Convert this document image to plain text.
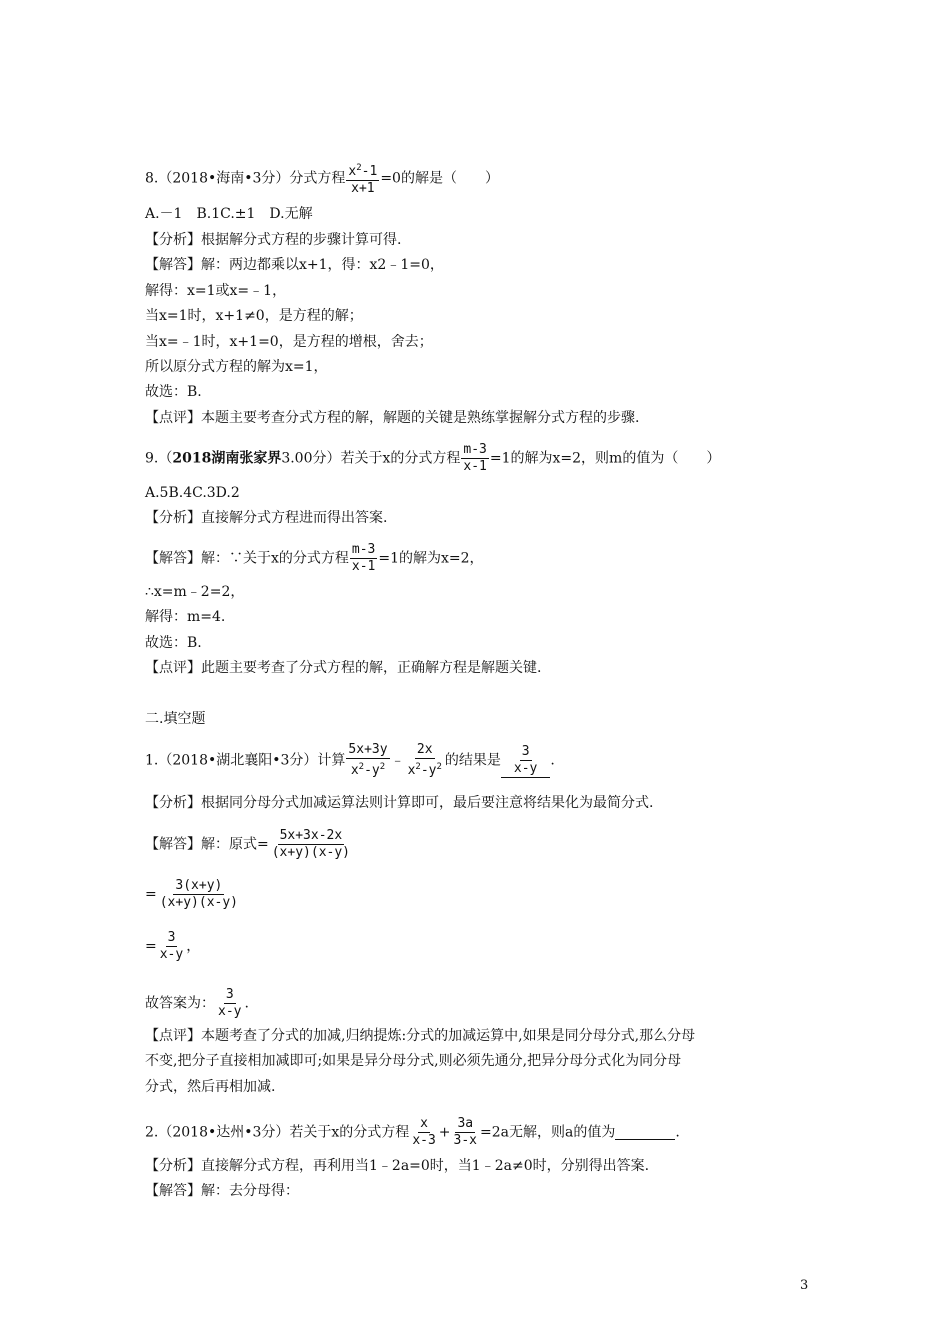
8.（2018•海南•3分）分式方程 $\frac{x^2-1}{x+1} =0$的解是（　　）
A.－1　B.1C.±1　D.无解
【分析】根据解分式方程的步骤计算可得.
【解答】解：两边都乘以x+1，得：x2﹣1=0，
解得：x=1或x=﹣1，
当x=1时，x+1≠0，是方程的解；
当x=﹣1时，x+1=0，是方程的增根，舍去；
所以原分式方程的解为x=1，
故选：B.
【点评】本题主要考查分式方程的解，解题的关键是熟练掌握解分式方程的步骤.
9.（2018湖南张家界3.00分）若关于x的分式方程 $\frac{m-3}{x-1} =1$的解为x=2，则m的值为（　　）
A.5B.4C.3D.2
【分析】直接解分式方程进而得出答案.
【解答】解：∵关于x的分式方程 $\frac{m-3}{x-1} =1$的解为x=2，
∴x=m﹣2=2，
解得：m=4.
故选：B.
【点评】此题主要考查了分式方程的解，正确解方程是解题关键.
二.填空题
1.（2018•湖北襄阳•3分）计算 $\frac{5x+3y}{x^2-y^2}$ ﹣ $\frac{2x}{x^2-y^2}$ 的结果是 $\frac{3}{x-y}$ .
【分析】根据同分母分式加减运算法则计算即可，最后要注意将结果化为最简分式.
【解答】解：原式= $\frac{5x+3x-2x}{(x+y)(x-y)}$
= $\frac{3(x+y)}{(x+y)(x-y)}$
= $\frac{3}{x-y}$ ，
故答案为： $\frac{3}{x-y}$ .
【点评】本题考查了分式的加减,归纳提炼:分式的加减运算中,如果是同分母分式,那么分母
不变,把分子直接相加减即可;如果是异分母分式,则必须先通分,把异分母分式化为同分母
分式，然后再相加减.
2.（2018•达州•3分）若关于x的分式方程 $\frac{x}{x-3} + \frac{3a}{3-x} =2a$无解，则a的值为	.
【分析】直接解分式方程，再利用当1﹣2a=0时，当1﹣2a≠0时，分别得出答案.
【解答】解：去分母得：
3
